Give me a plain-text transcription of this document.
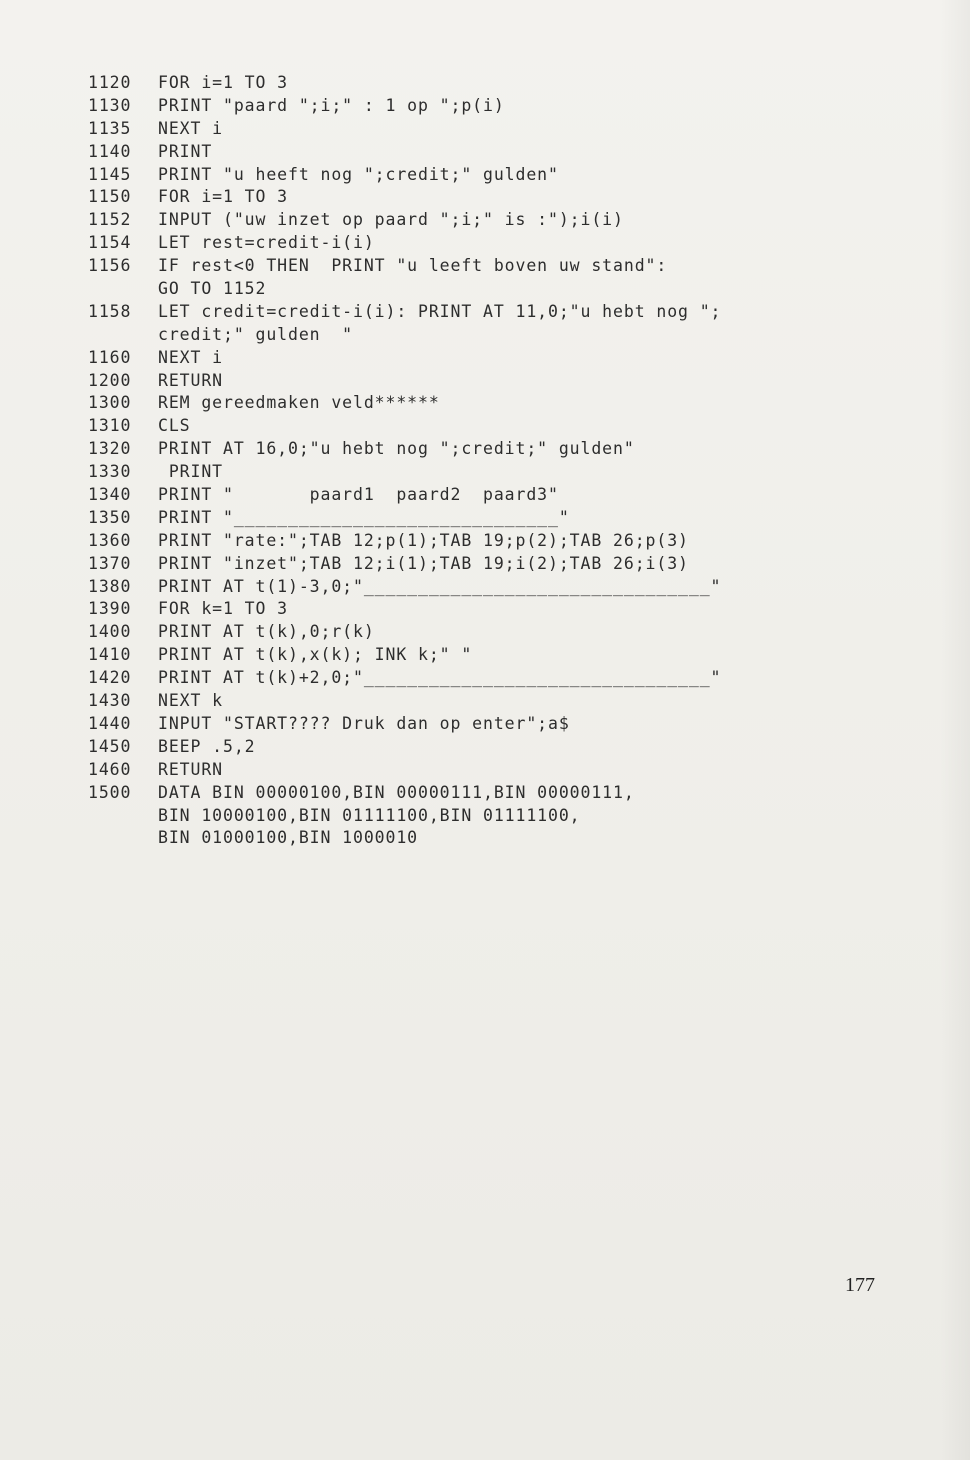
1120 FOR i=1 TO 3
1130 PRINT "paard ";i;" : 1 op ";p(i)
1135 NEXT i
1140 PRINT
1145 PRINT "u heeft nog ";credit;" gulden"
1150 FOR i=1 TO 3
1152 INPUT ("uw inzet op paard ";i;" is :");i(i)
1154 LET rest=credit-i(i)
1156 IF rest<0 THEN  PRINT "u leeft boven uw stand":
GO TO 1152
1158 LET credit=credit-i(i): PRINT AT 11,0;"u hebt nog ";
credit;" gulden  "
1160 NEXT i
1200 RETURN
1300 REM gereedmaken veld******
1310 CLS
1320 PRINT AT 16,0;"u hebt nog ";credit;" gulden"
1330 PRINT
1340 PRINT "       paard1  paard2  paard3"
1350 PRINT "______________________________"
1360 PRINT "rate:";TAB 12;p(1);TAB 19;p(2);TAB 26;p(3)
1370 PRINT "inzet";TAB 12;i(1);TAB 19;i(2);TAB 26;i(3)
1380 PRINT AT t(1)-3,0;"________________________________"
1390 FOR k=1 TO 3
1400 PRINT AT t(k),0;r(k)
1410 PRINT AT t(k),x(k); INK k;" "
1420 PRINT AT t(k)+2,0;"________________________________"
1430 NEXT k
1440 INPUT "START???? Druk dan op enter";a$
1450 BEEP .5,2
1460 RETURN
1500 DATA BIN 00000100,BIN 00000111,BIN 00000111,
BIN 10000100,BIN 01111100,BIN 01111100,
BIN 01000100,BIN 1000010
177
